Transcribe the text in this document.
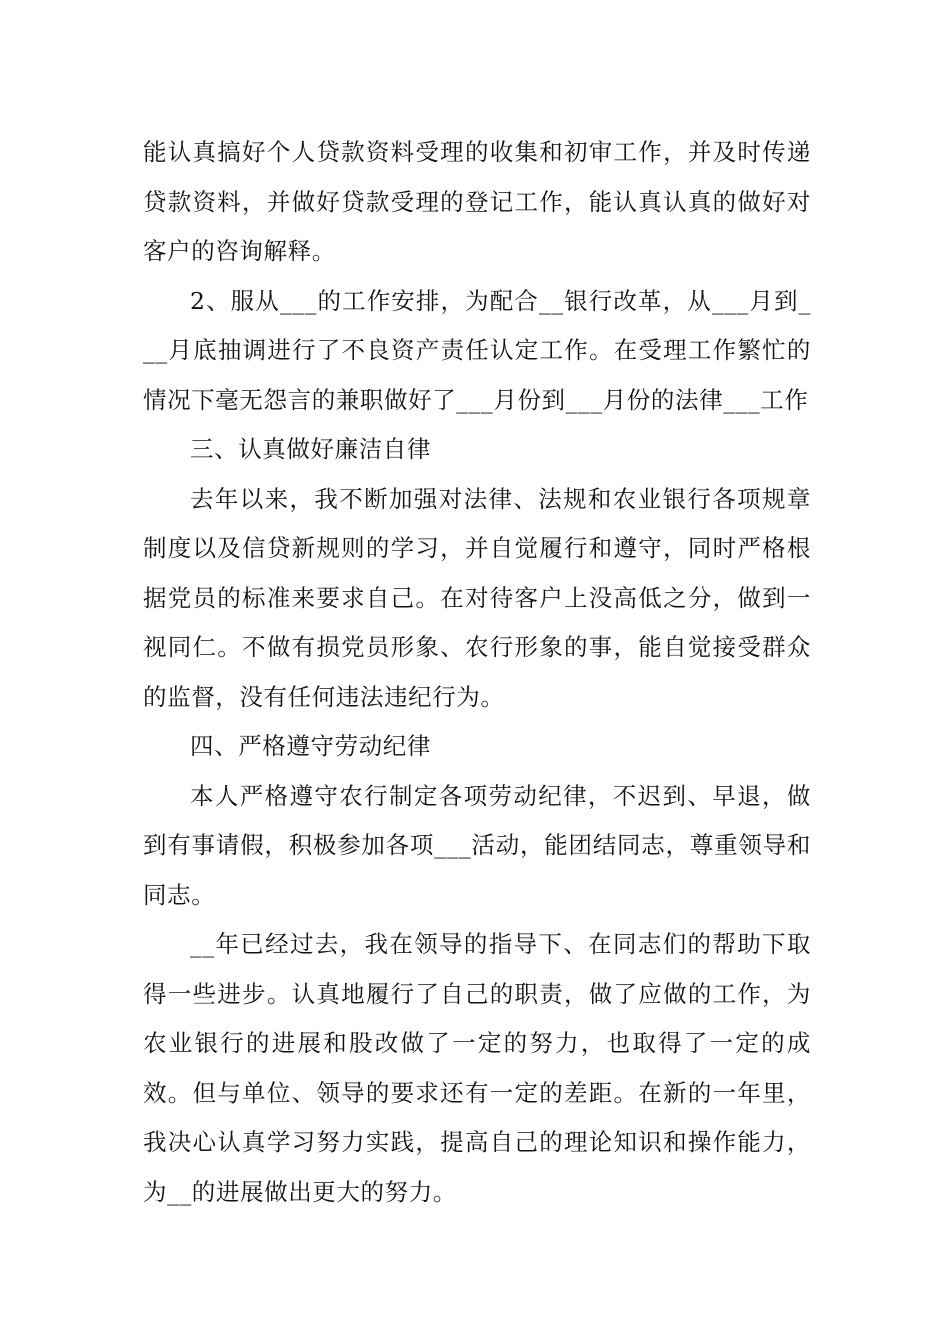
能认真搞好个人贷款资料受理的收集和初审工作，并及时传递贷款资料，并做好贷款受理的登记工作，能认真认真的做好对客户的咨询解释。

2、服从___的工作安排，为配合__银行改革，从___月到___月底抽调进行了不良资产责任认定工作。在受理工作繁忙的情况下毫无怨言的兼职做好了___月份到___月份的法律___工作

三、认真做好廉洁自律

去年以来，我不断加强对法律、法规和农业银行各项规章制度以及信贷新规则的学习，并自觉履行和遵守，同时严格根据党员的标准来要求自己。在对待客户上没高低之分，做到一视同仁。不做有损党员形象、农行形象的事，能自觉接受群众的监督，没有任何违法违纪行为。

四、严格遵守劳动纪律

本人严格遵守农行制定各项劳动纪律，不迟到、早退，做到有事请假，积极参加各项___活动，能团结同志，尊重领导和同志。

__年已经过去，我在领导的指导下、在同志们的帮助下取得一些进步。认真地履行了自己的职责，做了应做的工作，为农业银行的进展和股改做了一定的努力，也取得了一定的成效。但与单位、领导的要求还有一定的差距。在新的一年里，我决心认真学习努力实践，提高自己的理论知识和操作能力，为__的进展做出更大的努力。
